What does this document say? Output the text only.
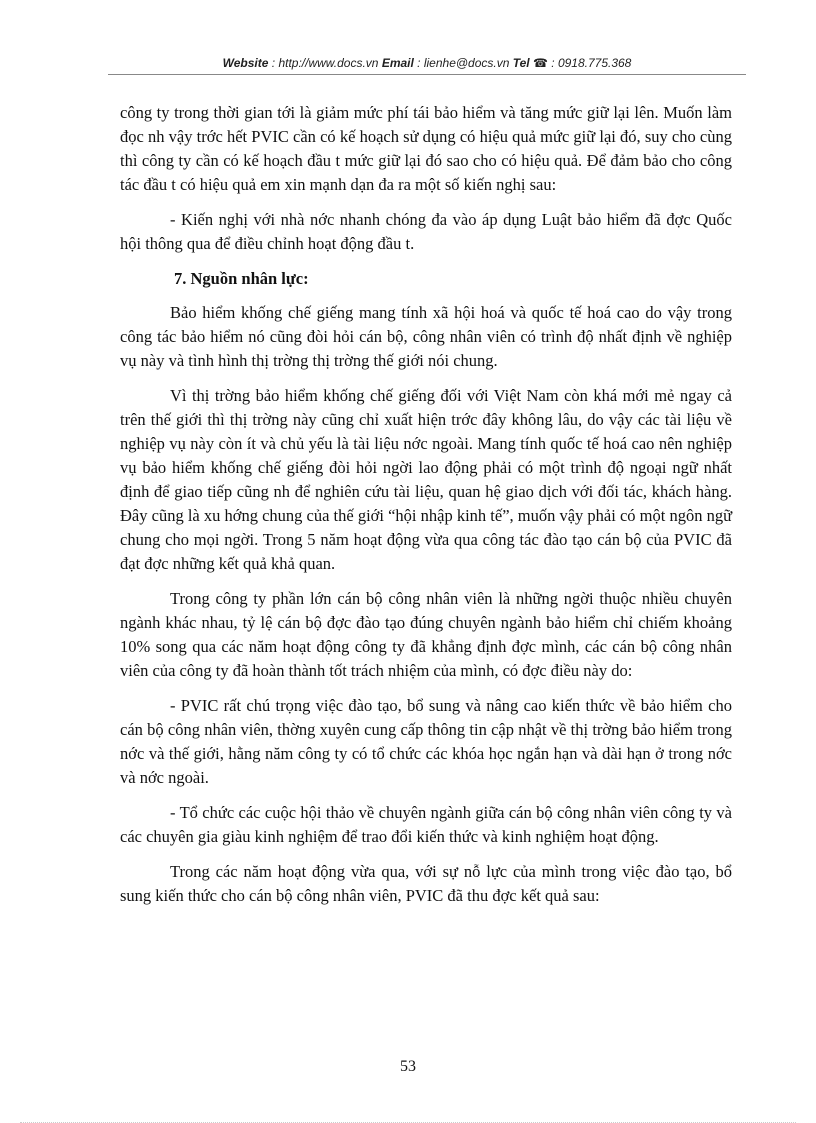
Website : http://www.docs.vn Email : lienhe@docs.vn Tel ☎ : 0918.775.368

công ty trong thời gian tới là giảm mức phí tái bảo hiểm và tăng mức giữ lại lên. Muốn làm đọc nh vậy trớc hết PVIC cần có kế hoạch sử dụng có hiệu quả mức giữ lại đó, suy cho cùng thì công ty cần có kế hoạch đầu t mức giữ lại đó sao cho có hiệu quả. Để đảm bảo cho công tác đầu t có hiệu quả em xin mạnh dạn đa ra một số kiến nghị sau:

- Kiến nghị với nhà nớc nhanh chóng đa vào áp dụng Luật bảo hiểm đã đợc Quốc hội thông qua để điều chỉnh hoạt động đầu t.

7. Nguồn nhân lực:

Bảo hiểm khống chế giếng mang tính xã hội hoá và quốc tế hoá cao do vậy trong công tác bảo hiểm nó cũng đòi hỏi cán bộ, công nhân viên có trình độ nhất định về nghiệp vụ này và tình hình thị trờng thị trờng thế giới nói chung.

Vì thị trờng bảo hiểm khống chế giếng đối với Việt Nam còn khá mới mẻ ngay cả trên thế giới thì thị trờng này cũng chỉ xuất hiện trớc đây không lâu, do vậy các tài liệu về nghiệp vụ này còn ít và chủ yếu là tài liệu nớc ngoài. Mang tính quốc tế hoá cao nên nghiệp vụ bảo hiểm khống chế giếng đòi hỏi ngời lao động phải có một trình độ ngoại ngữ nhất định để giao tiếp cũng nh để nghiên cứu tài liệu, quan hệ giao dịch với đối tác, khách hàng. Đây cũng là xu hớng chung của thế giới “hội nhập kinh tế”, muốn vậy phải có một ngôn ngữ chung cho mọi ngời. Trong 5 năm hoạt động vừa qua công tác đào tạo cán bộ của PVIC đã đạt đợc những kết quả khả quan.

Trong công ty phần lớn cán bộ công nhân viên là những ngời thuộc nhiều chuyên ngành khác nhau, tỷ lệ cán bộ đợc đào tạo đúng chuyên ngành bảo hiểm chỉ chiếm khoảng 10% song qua các năm hoạt động công ty đã khẳng định đợc mình, các cán bộ công nhân viên của công ty đã hoàn thành tốt trách nhiệm của mình, có đợc điều này do:

- PVIC rất chú trọng việc đào tạo, bổ sung và nâng cao kiến thức về bảo hiểm cho cán bộ công nhân viên, thờng xuyên cung cấp thông tin cập nhật về thị trờng bảo hiểm trong nớc và thế giới, hằng năm công ty có tổ chức các khóa học ngắn hạn và dài hạn ở trong nớc và nớc ngoài.

- Tổ chức các cuộc hội thảo về chuyên ngành giữa cán bộ công nhân viên công ty và các chuyên gia giàu kinh nghiệm để trao đổi kiến thức và kinh nghiệm hoạt động.

Trong các năm hoạt động vừa qua, với sự nỗ lực của mình trong việc đào tạo, bổ sung kiến thức cho cán bộ công nhân viên, PVIC đã thu đợc kết quả sau:

53
